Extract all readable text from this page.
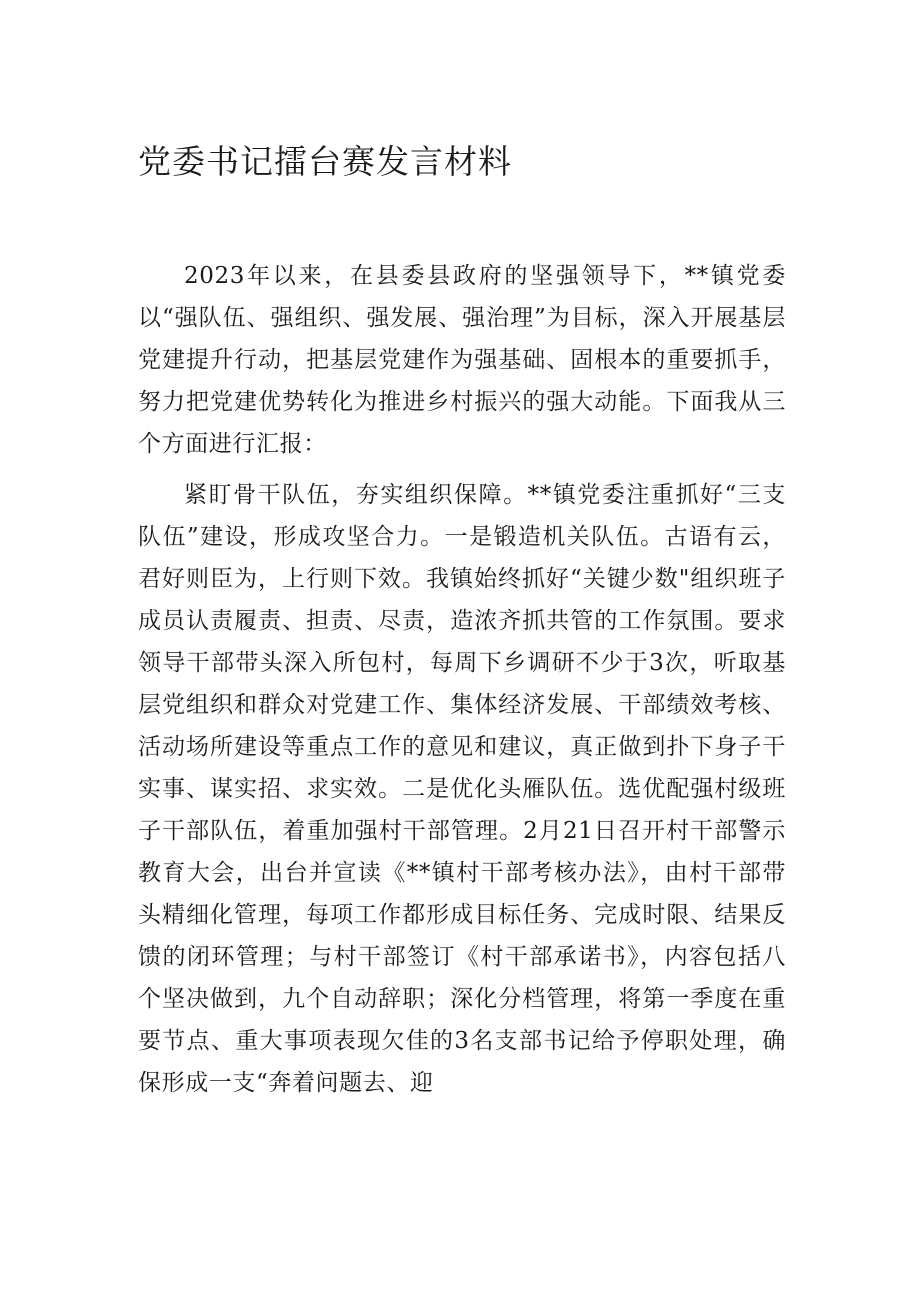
党委书记擂台赛发言材料

2023年以来，在县委县政府的坚强领导下，**镇党委以“强队伍、强组织、强发展、强治理”为目标，深入开展基层党建提升行动，把基层党建作为强基础、固根本的重要抓手，努力把党建优势转化为推进乡村振兴的强大动能。下面我从三个方面进行汇报：

紧盯骨干队伍，夯实组织保障。**镇党委注重抓好“三支队伍”建设，形成攻坚合力。一是锻造机关队伍。古语有云，君好则臣为，上行则下效。我镇始终抓好“关键少数"组织班子成员认责履责、担责、尽责，造浓齐抓共管的工作氛围。要求领导干部带头深入所包村，每周下乡调研不少于3次，听取基层党组织和群众对党建工作、集体经济发展、干部绩效考核、活动场所建设等重点工作的意见和建议，真正做到扑下身子干实事、谋实招、求实效。二是优化头雁队伍。选优配强村级班子干部队伍，着重加强村干部管理。2月21日召开村干部警示教育大会，出台并宣读《**镇村干部考核办法》，由村干部带头精细化管理，每项工作都形成目标任务、完成时限、结果反馈的闭环管理；与村干部签订《村干部承诺书》，内容包括八个坚决做到，九个自动辞职；深化分档管理，将第一季度在重要节点、重大事项表现欠佳的3名支部书记给予停职处理，确保形成一支“奔着问题去、迎
